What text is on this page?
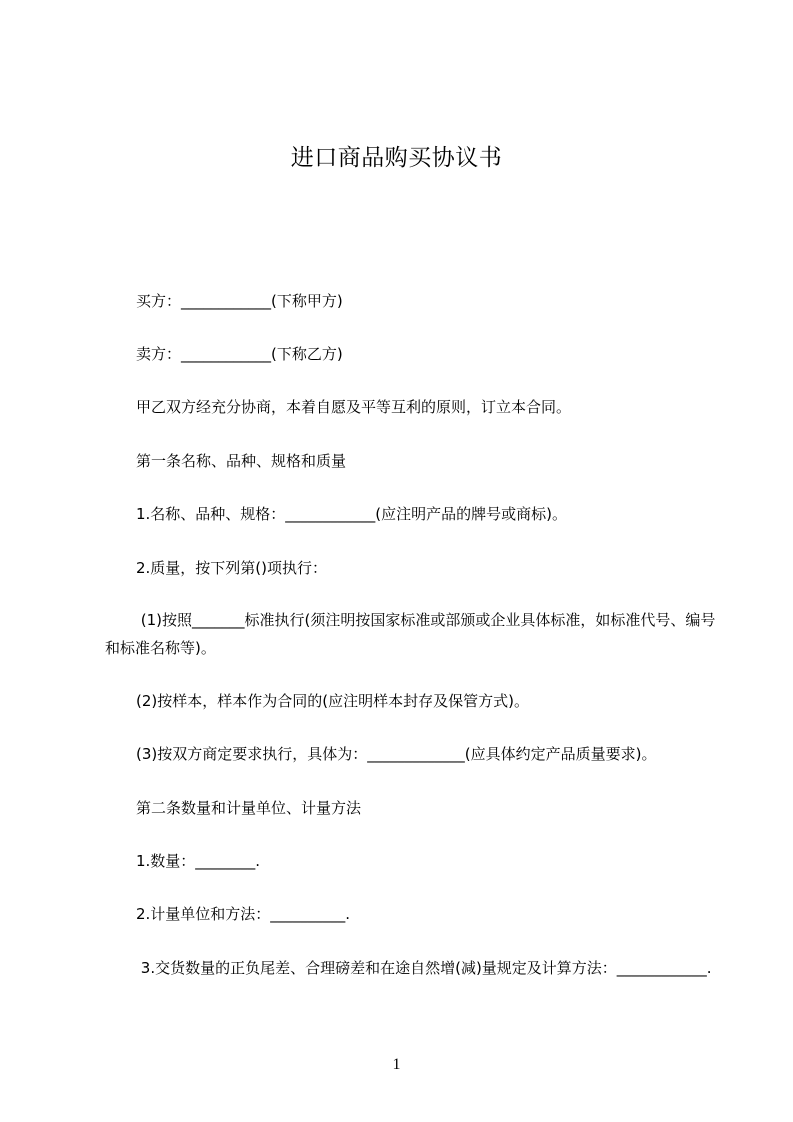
进口商品购买协议书

买方：____________(下称甲方)

卖方：____________(下称乙方)

甲乙双方经充分协商，本着自愿及平等互利的原则，订立本合同。

第一条名称、品种、规格和质量

1.名称、品种、规格：____________(应注明产品的牌号或商标)。

2.质量，按下列第()项执行：

(1)按照_______标准执行(须注明按国家标准或部颁或企业具体标准，如标准代号、编号和标准名称等)。

(2)按样本，样本作为合同的(应注明样本封存及保管方式)。

(3)按双方商定要求执行，具体为：_____________(应具体约定产品质量要求)。

第二条数量和计量单位、计量方法

1.数量：________.

2.计量单位和方法：__________.

3.交货数量的正负尾差、合理磅差和在途自然增(减)量规定及计算方法：____________.

1
